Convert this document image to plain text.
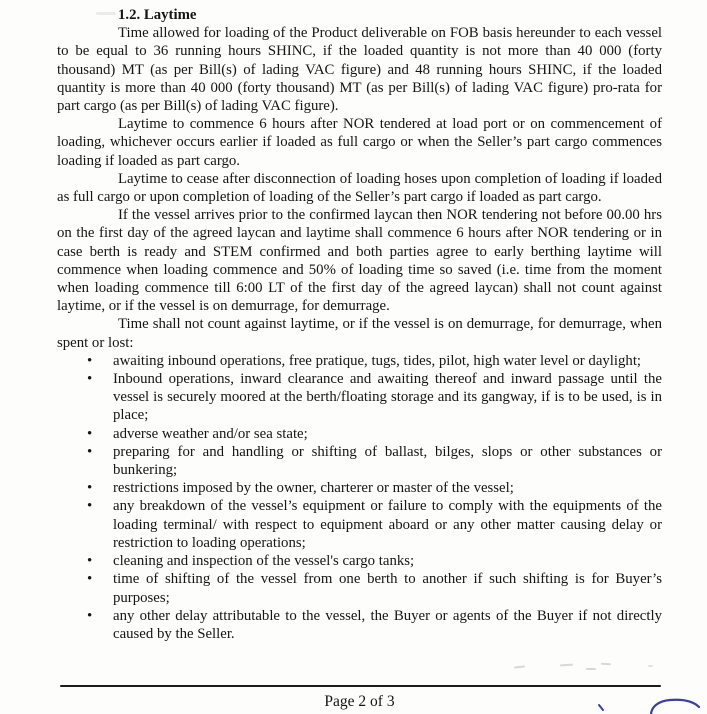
1.2. Laytime

Time allowed for loading of the Product deliverable on FOB basis hereunder to each vessel to be equal to 36 running hours SHINC, if the loaded quantity is not more than 40 000 (forty thousand) MT (as per Bill(s) of lading VAC figure) and 48 running hours SHINC, if the loaded quantity is more than 40 000 (forty thousand) MT (as per Bill(s) of lading VAC figure) pro-rata for part cargo (as per Bill(s) of lading VAC figure).

Laytime to commence 6 hours after NOR tendered at load port or on commencement of loading, whichever occurs earlier if loaded as full cargo or when the Seller’s part cargo commences loading if loaded as part cargo.

Laytime to cease after disconnection of loading hoses upon completion of loading if loaded as full cargo or upon completion of loading of the Seller’s part cargo if loaded as part cargo.

If the vessel arrives prior to the confirmed laycan then NOR tendering not before 00.00 hrs on the first day of the agreed laycan and laytime shall commence 6 hours after NOR tendering or in case berth is ready and STEM confirmed and both parties agree to early berthing laytime will commence when loading commence and 50% of loading time so saved (i.e. time from the moment when loading commence till 6:00 LT of the first day of the agreed laycan) shall not count against laytime, or if the vessel is on demurrage, for demurrage.

Time shall not count against laytime, or if the vessel is on demurrage, for demurrage, when spent or lost:

• awaiting inbound operations, free pratique, tugs, tides, pilot, high water level or daylight;
• Inbound operations, inward clearance and awaiting thereof and inward passage until the vessel is securely moored at the berth/floating storage and its gangway, if is to be used, is in place;
• adverse weather and/or sea state;
• preparing for and handling or shifting of ballast, bilges, slops or other substances or bunkering;
• restrictions imposed by the owner, charterer or master of the vessel;
• any breakdown of the vessel’s equipment or failure to comply with the equipments of the loading terminal/ with respect to equipment aboard or any other matter causing delay or restriction to loading operations;
• cleaning and inspection of the vessel's cargo tanks;
• time of shifting of the vessel from one berth to another if such shifting is for Buyer’s purposes;
• any other delay attributable to the vessel, the Buyer or agents of the Buyer if not directly caused by the Seller.
Page 2 of 3
